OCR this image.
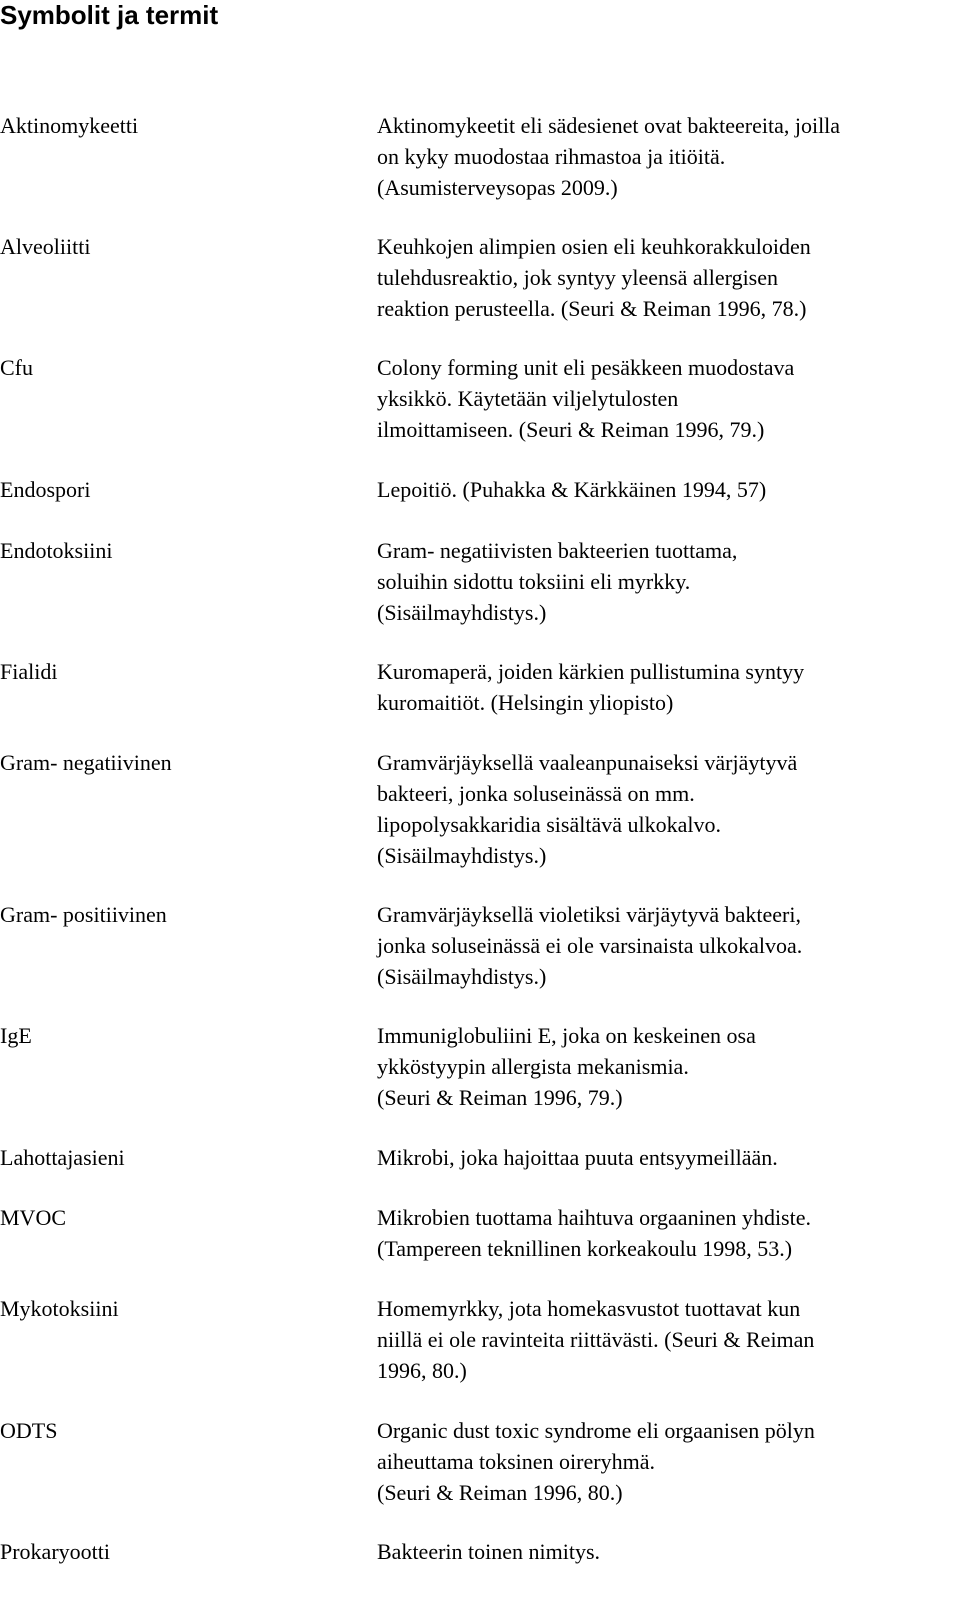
Symbolit ja termit
Aktinomykeetti	Aktinomykeetit eli sädesienet ovat bakteereita, joilla
on kyky muodostaa rihmastoa ja itiöitä.
(Asumisterveysopas 2009.)
Alveoliitti	Keuhkojen alimpien osien eli keuhkorakkuloiden
tulehdusreaktio, jok syntyy yleensä allergisen
reaktion perusteella. (Seuri & Reiman 1996, 78.)
Cfu	Colony forming unit eli pesäkkeen muodostava
yksikkö. Käytetään viljelytulosten
ilmoittamiseen. (Seuri & Reiman 1996, 79.)
Endospori	Lepoitiö. (Puhakka & Kärkkäinen 1994, 57)
Endotoksiini	Gram- negatiivisten bakteerien tuottama,
soluihin sidottu toksiini eli myrkky.
(Sisäilmayhdistys.)
Fialidi	Kuromaperä, joiden kärkien pullistumina syntyy
kuromaitiöt. (Helsingin yliopisto)
Gram- negatiivinen	Gramvärjäyksellä vaaleanpunaiseksi värjäytyvä
bakteeri, jonka soluseinässä on mm.
lipopolysakkaridia sisältävä ulkokalvo.
(Sisäilmayhdistys.)
Gram- positiivinen	Gramvärjäyksellä violetiksi värjäytyvä bakteeri,
jonka soluseinässä ei ole varsinaista ulkokalvoa.
(Sisäilmayhdistys.)
IgE	Immuniglobuliini E, joka on keskeinen osa
ykköstyypin allergista mekanismia.
(Seuri & Reiman 1996, 79.)
Lahottajasieni	Mikrobi, joka hajoittaa puuta entsyymeillään.
MVOC	Mikrobien tuottama haihtuva orgaaninen yhdiste.
(Tampereen teknillinen korkeakoulu 1998, 53.)
Mykotoksiini	Homemyrkky, jota homekasvustot tuottavat kun
niillä ei ole ravinteita riittävästi. (Seuri & Reiman
1996, 80.)
ODTS	Organic dust toxic syndrome eli orgaanisen pölyn
aiheuttama toksinen oireryhmä.
(Seuri & Reiman 1996, 80.)
Prokaryootti	Bakteerin toinen nimitys.
